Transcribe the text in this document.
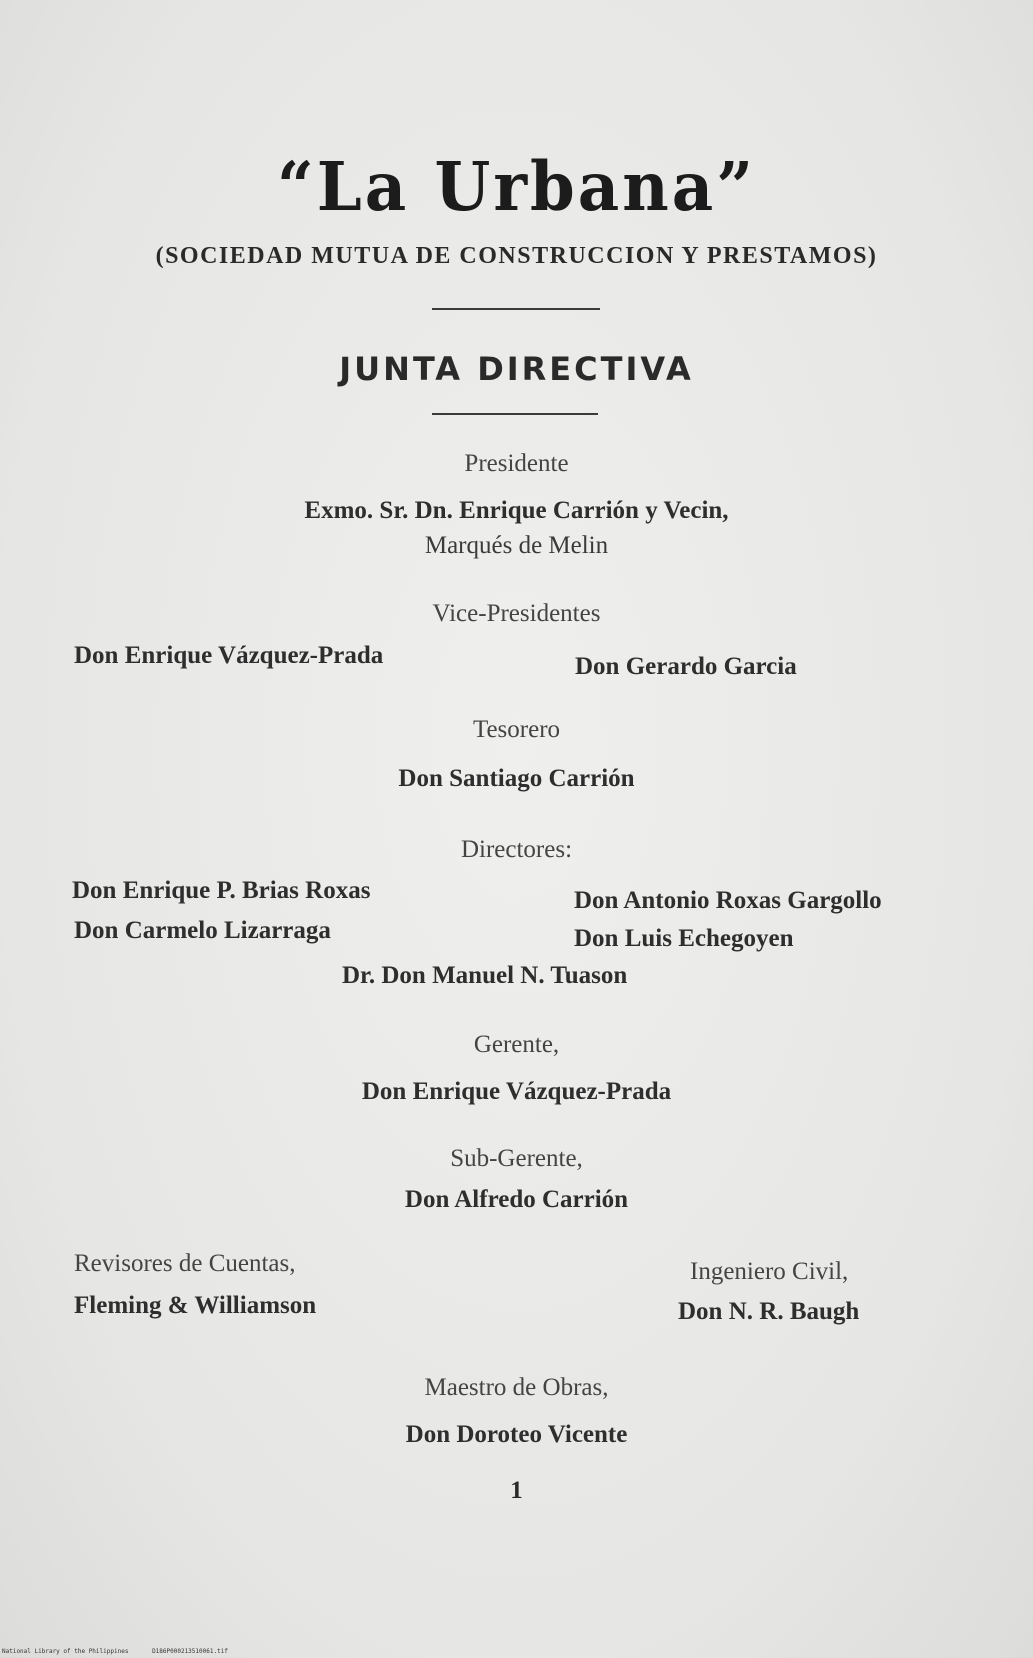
“La Urbana”
(SOCIEDAD MUTUA DE CONSTRUCCION Y PRESTAMOS)
JUNTA DIRECTIVA
Presidente
Exmo. Sr. Dn. Enrique Carrión y Vecin,
Marqués de Melin
Vice-Presidentes
Don Enrique Vázquez-Prada	Don Gerardo Garcia
Tesorero
Don Santiago Carrión
Directores:
Don Enrique P. Brias Roxas	Don Antonio Roxas Gargollo
Don Carmelo Lizarraga	Don Luis Echegoyen
Dr. Don Manuel N. Tuason
Gerente,
Don Enrique Vázquez-Prada
Sub-Gerente,
Don Alfredo Carrión
Revisores de Cuentas,
Fleming & Williamson
Ingeniero Civil,
Don N. R. Baugh
Maestro de Obras,
Don Doroteo Vicente
1
National Library of the Philippines	D186P000213510061.tif
